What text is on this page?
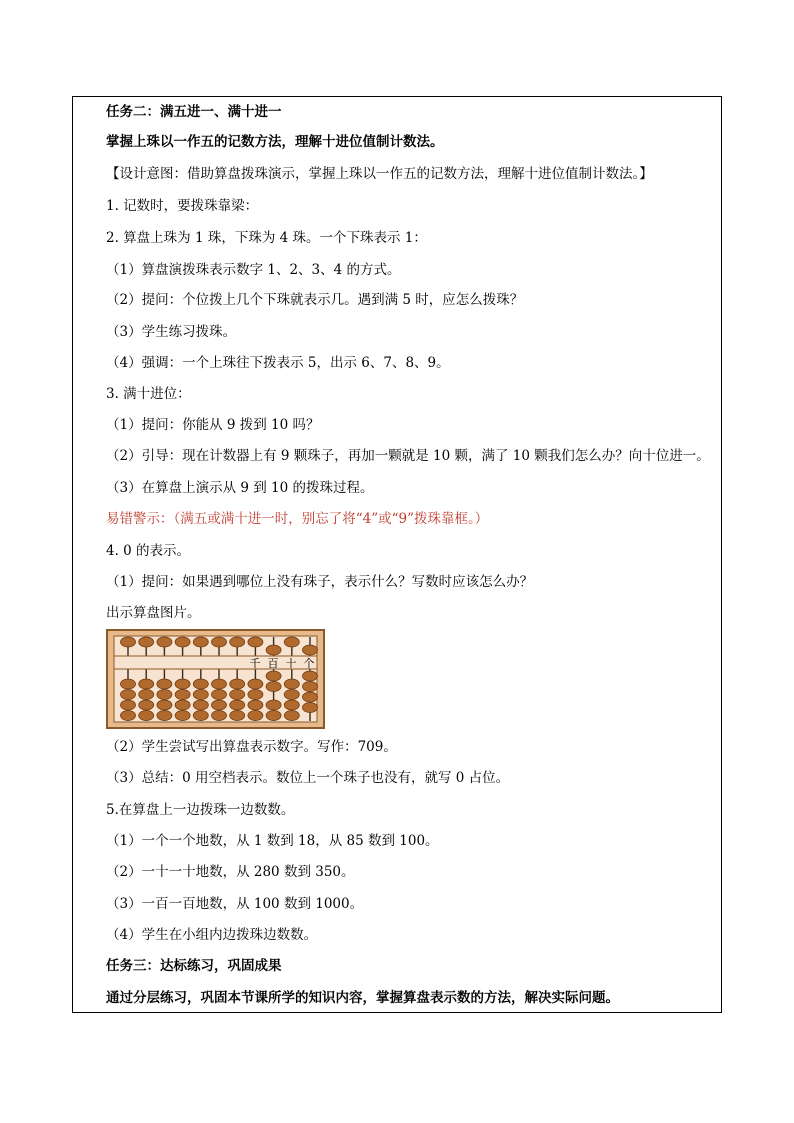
任务二：满五进一、满十进一
掌握上珠以一作五的记数方法，理解十进位值制计数法。
【设计意图：借助算盘拨珠演示，掌握上珠以一作五的记数方法，理解十进位值制计数法。】
1. 记数时，要拨珠靠梁：
2. 算盘上珠为 1 珠，下珠为 4 珠。一个下珠表示 1：
（1）算盘演拨珠表示数字 1、2、3、4 的方式。
（2）提问：个位拨上几个下珠就表示几。遇到满 5 时，应怎么拨珠？
（3）学生练习拨珠。
（4）强调：一个上珠往下拨表示 5，出示 6、7、8、9。
3. 满十进位：
（1）提问：你能从 9 拨到 10 吗？
（2）引导：现在计数器上有 9 颗珠子，再加一颗就是 10 颗，满了 10 颗我们怎么办？向十位进一。
（3）在算盘上演示从 9 到 10 的拨珠过程。
易错警示：（满五或满十进一时，别忘了将“4”或“9”拨珠靠框。）
4. 0 的表示。
（1）提问：如果遇到哪位上没有珠子，表示什么？写数时应该怎么办？
出示算盘图片。
千 百 十 个
（2）学生尝试写出算盘表示数字。写作：709。
（3）总结：0 用空档表示。数位上一个珠子也没有，就写 0 占位。
5.在算盘上一边拨珠一边数数。
（1）一个一个地数，从 1 数到 18，从 85 数到 100。
（2）一十一十地数，从 280 数到 350。
（3）一百一百地数，从 100 数到 1000。
（4）学生在小组内边拨珠边数数。
任务三：达标练习，巩固成果
通过分层练习，巩固本节课所学的知识内容，掌握算盘表示数的方法，解决实际问题。
